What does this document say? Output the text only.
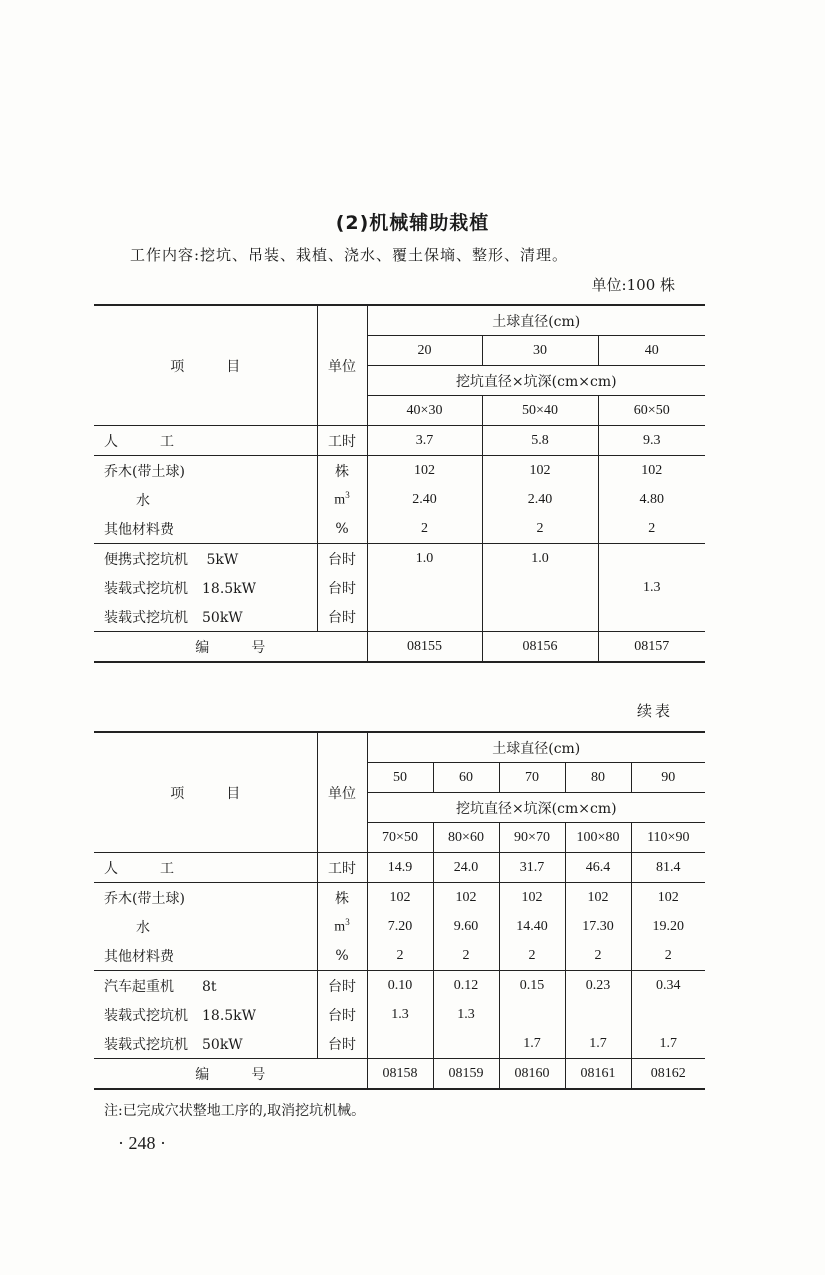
(2)机械辅助栽植
工作内容:挖坑、吊装、栽植、浇水、覆土保墒、整形、清理。
单位:100 株
项　　　目	单位	土球直径(cm)		
		20	30	40
		挖坑直径×坑深(cm×cm)		
		40×30	50×40	60×50
人　　　工	工时	3.7	5.8	9.3
乔木(带土球)	株	102	102	102
水	$m^3$	2.40	2.40	4.80
其他材料费	%	2	2	2
便携式挖坑机　 5kW	台时	1.0	1.0	
装载式挖坑机　18.5kW	台时			1.3
装载式挖坑机　50kW	台时			
编　　　号		08155	08156	08157
续表
项　　　目	单位	土球直径(cm)				
		50	60	70	80	90
		挖坑直径×坑深(cm×cm)				
		70×50	80×60	90×70	100×80	110×90
人　　　工	工时	14.9	24.0	31.7	46.4	81.4
乔木(带土球)	株	102	102	102	102	102
水	$m^3$	7.20	9.60	14.40	17.30	19.20
其他材料费	%	2	2	2	2	2
汽车起重机　　8t	台时	0.10	0.12	0.15	0.23	0.34
装载式挖坑机　18.5kW	台时	1.3	1.3			
装载式挖坑机　50kW	台时			1.7	1.7	1.7
编　　　号		08158	08159	08160	08161	08162
注:已完成穴状整地工序的,取消挖坑机械。
· 248 ·
